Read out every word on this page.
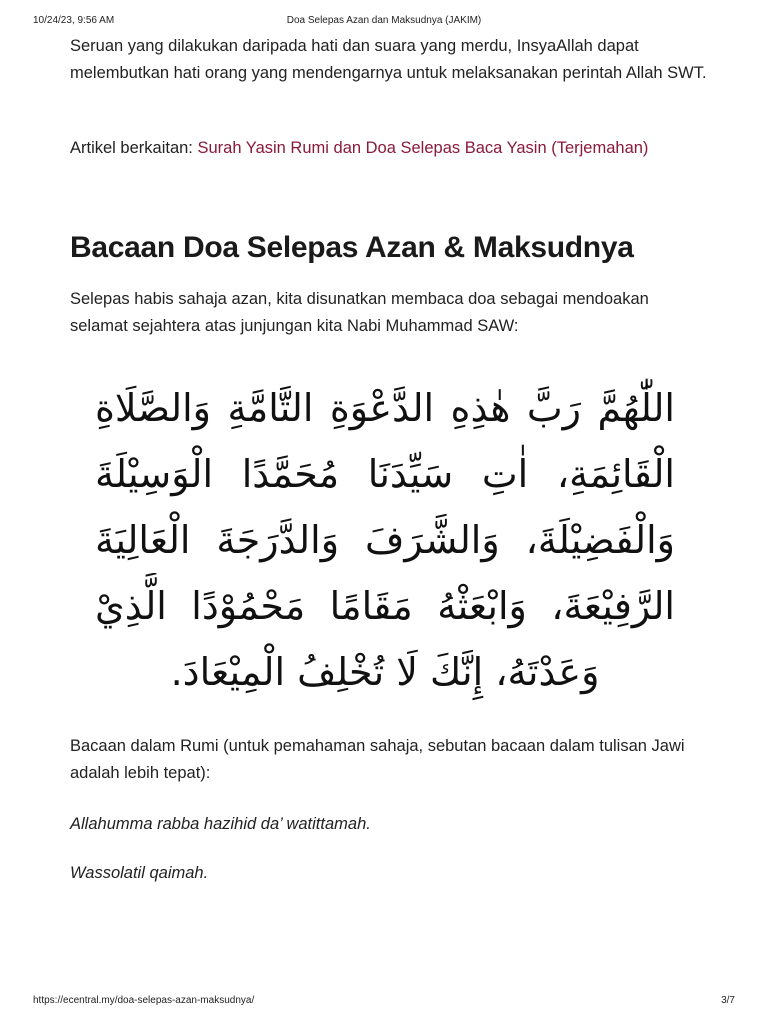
10/24/23, 9:56 AM	Doa Selepas Azan dan Maksudnya (JAKIM)

Seruan yang dilakukan daripada hati dan suara yang merdu, InsyaAllah dapat melembutkan hati orang yang mendengarnya untuk melaksanakan perintah Allah SWT.

Artikel berkaitan: Surah Yasin Rumi dan Doa Selepas Baca Yasin (Terjemahan)

Bacaan Doa Selepas Azan & Maksudnya

Selepas habis sahaja azan, kita disunatkan membaca doa sebagai mendoakan selamat sejahtera atas junjungan kita Nabi Muhammad SAW:

Bacaan dalam Rumi (untuk pemahaman sahaja, sebutan bacaan dalam tulisan Jawi adalah lebih tepat):

Allahumma rabba hazihid da’ watittamah.

Wassolatil qaimah.

اللّٰهُمَّ رَبَّ هٰذِهِ الدَّعْوَةِ التَّامَّةِ وَالصَّلَاةِ
الْقَائِمَةِ، اٰتِ سَيِّدَنَا مُحَمَّدًا الْوَسِيْلَةَ
وَالْفَضِيْلَةَ، وَالشَّرَفَ وَالدَّرَجَةَ الْعَالِيَةَ
الرَّفِيْعَةَ، وَابْعَثْهُ مَقَامًا مَحْمُوْدًا الَّذِيْ
وَعَدْتَهُ، إِنَّكَ لَا تُخْلِفُ الْمِيْعَادَ.
https://ecentral.my/doa-selepas-azan-maksudnya/	3/7
